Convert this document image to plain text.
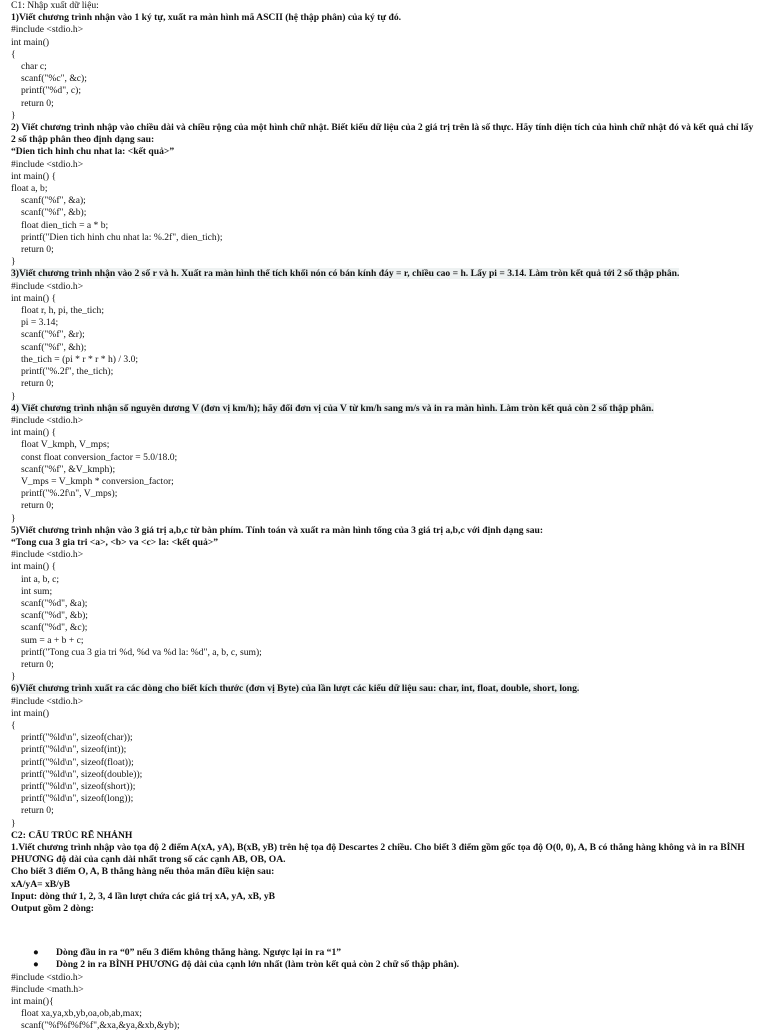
C1: Nhập xuất dữ liệu:
1)Viết chương trình nhận vào 1 ký tự, xuất ra màn hình mã ASCII (hệ thập phân) của ký tự đó.
#include <stdio.h>
int main()
{
char c;
scanf("%c", &c);
printf("%d", c);
return 0;
}
2) Viết chương trình nhập vào chiều dài và chiều rộng của một hình chữ nhật. Biết kiểu dữ liệu của 2 giá trị trên là số thực. Hãy tính diện tích của hình chữ nhật đó và kết quả chỉ lấy 2 số thập phân theo định dạng sau:
“Dien tich hinh chu nhat la: <kết quả>”
#include <stdio.h>
int main() {
float a, b;
scanf("%f", &a);
scanf("%f", &b);
float dien_tich = a * b;
printf("Dien tich hinh chu nhat la: %.2f", dien_tich);
return 0;
}
3)Viết chương trình nhận vào 2 số r và h. Xuất ra màn hình thể tích khối nón có bán kính đáy = r, chiều cao = h. Lấy pi = 3.14. Làm tròn kết quả tới 2 số thập phân.
#include <stdio.h>
int main() {
float r, h, pi, the_tich;
pi = 3.14;
scanf("%f", &r);
scanf("%f", &h);
the_tich = (pi * r * r * h) / 3.0;
printf("%.2f", the_tich);
return 0;
}
4) Viết chương trình nhận số nguyên dương V (đơn vị km/h); hãy đổi đơn vị của V từ km/h sang m/s và in ra màn hình. Làm tròn kết quả còn 2 số thập phân.
#include <stdio.h>
int main() {
float V_kmph, V_mps;
const float conversion_factor = 5.0/18.0;
scanf("%f", &V_kmph);
V_mps = V_kmph * conversion_factor;
printf("%.2f\n", V_mps);
return 0;
}
5)Viết chương trình nhận vào 3 giá trị a,b,c từ bàn phím. Tính toán và xuất ra màn hình tổng của 3 giá trị a,b,c với định dạng sau:
“Tong cua 3 gia tri <a>, <b> va <c> la: <kết quả>”
#include <stdio.h>
int main() {
int a, b, c;
int sum;
scanf("%d", &a);
scanf("%d", &b);
scanf("%d", &c);
sum = a + b + c;
printf("Tong cua 3 gia tri %d, %d va %d la: %d", a, b, c, sum);
return 0;
}
6)Viết chương trình xuất ra các dòng cho biết kích thước (đơn vị Byte) của lần lượt các kiểu dữ liệu sau: char, int, float, double, short, long.
#include <stdio.h>
int main()
{
printf("%ld\n", sizeof(char));
printf("%ld\n", sizeof(int));
printf("%ld\n", sizeof(float));
printf("%ld\n", sizeof(double));
printf("%ld\n", sizeof(short));
printf("%ld\n", sizeof(long));
return 0;
}
C2: CẤU TRÚC RẼ NHÁNH
1.Viết chương trình nhập vào tọa độ 2 điểm A(xA, yA), B(xB, yB) trên hệ tọa độ Descartes 2 chiều. Cho biết 3 điểm gồm gốc tọa độ O(0, 0), A, B có thẳng hàng không và in ra BÌNH PHƯƠNG độ dài của cạnh dài nhất trong số các cạnh AB, OB, OA.
Cho biết 3 điểm O, A, B thẳng hàng nếu thỏa mãn điều kiện sau:
xA/yA= xB/yB
Input: dòng thứ 1, 2, 3, 4 lần lượt chứa các giá trị xA, yA, xB, yB
Output gồm 2 dòng:
● Dòng đầu in ra “0” nếu 3 điểm không thẳng hàng. Ngược lại in ra “1”
● Dòng 2 in ra BÌNH PHƯƠNG độ dài của cạnh lớn nhất (làm tròn kết quả còn 2 chữ số thập phân).
#include <stdio.h>
#include <math.h>
int main(){
float xa,ya,xb,yb,oa,ob,ab,max;
scanf("%f%f%f%f",&xa,&ya,&xb,&yb);
